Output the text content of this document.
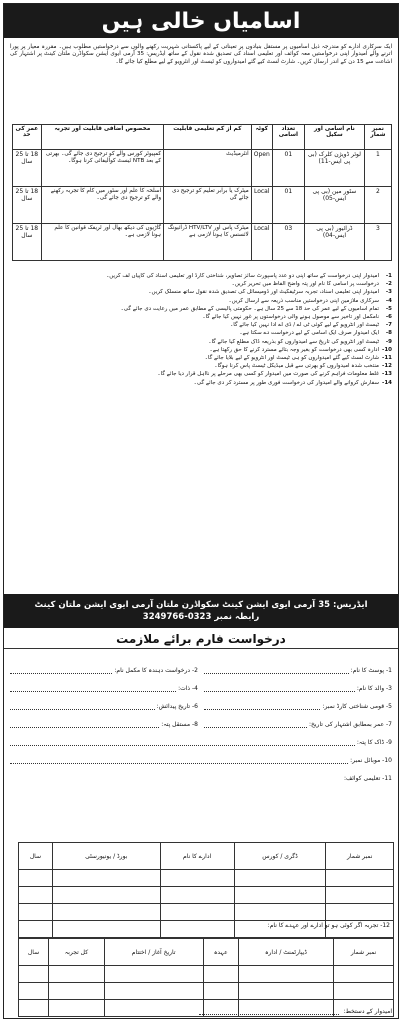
اسامیاں خالی ہیں
ایک سرکاری ادارے کو مندرجہ ذیل اسامیوں پر مستقل بنیادوں پر تعیناتی کے لیے پاکستانی شہریت رکھنے والوں سے درخواستیں مطلوب ہیں۔ مقررہ معیار پر پورا اترنے والے امیدوار اپنی درخواستیں معہ کوائف اور تعلیمی اسناد کی تصدیق شدہ نقول کے ساتھ ایڈریس: 35 آرمی ایوی ایشن سکواڈرن ملتان کینٹ پر اشتہار کی اشاعت سے 15 دن کے اندر ارسال کریں۔ شارٹ لسٹ کیے گئے امیدواروں کو ٹیسٹ اور انٹرویو کے لیے مطلع کیا جائے گا۔
نمبر شمار	نام اسامی اور سکیل	تعداد اسامی	کوٹہ	کم از کم تعلیمی قابلیت	مخصوص اضافی قابلیت اور تجربہ	عمر کی حد
1	لوئر ڈویژن کلرک (بی پی ایس-11)	01	Open	انٹرمیڈیٹ	کمپیوٹر کورس والے کو ترجیح دی جائے گی۔ بھرتی کے بعد NTB ٹیسٹ کوالیفائی کرنا ہوگا۔	18 تا 25 سال
2	سٹور مین (بی پی ایس-05)	01	Local	میٹرک یا برابر تعلیم کو ترجیح دی جائے گی	اسلحہ کا علم اور سٹور میں کام کا تجربہ رکھنے والے کو ترجیح دی جائے گی۔	18 تا 25 سال
3	ڈرائیور (بی پی ایس-04)	03	Local	میٹرک پاس اور HTV/LTV ڈرائیونگ لائسنس کا ہونا لازمی ہے	گاڑیوں کی دیکھ بھال اور ٹریفک قوانین کا علم ہونا لازمی ہے۔	18 تا 25 سال
1-
امیدوار اپنی درخواست کے ساتھ اپنی دو عدد پاسپورٹ سائز تصاویر، شناختی کارڈ اور تعلیمی اسناد کی کاپیاں لف کریں۔
2-
درخواست پر اسامی کا نام اور پتہ واضح الفاظ میں تحریر کریں۔
3-
امیدوار اپنی تعلیمی اسناد، تجربہ سرٹیفکیٹ اور ڈومیسائل کی تصدیق شدہ نقول ساتھ منسلک کریں۔
4-
سرکاری ملازمین اپنی درخواستیں مناسب ذریعہ سے ارسال کریں۔
5-
تمام اسامیوں کے لیے عمر کی حد 18 سے 25 سال ہے۔ حکومتی پالیسی کے مطابق عمر میں رعایت دی جائے گی۔
6-
نامکمل اور تاخیر سے موصول ہونے والی درخواستوں پر غور نہیں کیا جائے گا۔
7-
ٹیسٹ اور انٹرویو کے لیے کوئی ٹی اے / ڈی اے ادا نہیں کیا جائے گا۔
8-
ایک امیدوار صرف ایک اسامی کے لیے درخواست دے سکتا ہے۔
9-
ٹیسٹ اور انٹرویو کی تاریخ سے امیدواروں کو بذریعہ ڈاک مطلع کیا جائے گا۔
10-
ادارہ کسی بھی درخواست کو بغیر وجہ بتائے مسترد کرنے کا حق رکھتا ہے۔
11-
شارٹ لسٹ کیے گئے امیدواروں کو ہی ٹیسٹ اور انٹرویو کے لیے بلایا جائے گا۔
12-
منتخب شدہ امیدواروں کو بھرتی سے قبل میڈیکل ٹیسٹ پاس کرنا ہوگا۔
13-
غلط معلومات فراہم کرنے کی صورت میں امیدوار کو کسی بھی مرحلے پر نااہل قرار دیا جائے گا۔
14-
سفارش کروانے والے امیدوار کی درخواست فوری طور پر مسترد کر دی جائے گی۔
ایڈریس: 35 آرمی ایوی ایشن کینٹ سکواڈرن ملتان آرمی ایوی ایشن ملتان کینٹ
رابطہ نمبر 0323-3249766
درخواست فارم برائے ملازمت
1- پوسٹ کا نام:
2- درخواست دہندہ کا مکمل نام:
3- والد کا نام:
4- ذات:
5- قومی شناختی کارڈ نمبر:
6- تاریخ پیدائش:
7- عمر بمطابق اشتہار کی تاریخ:
8- مستقل پتہ:
9- ڈاک کا پتہ:
10- موبائل نمبر:
11- تعلیمی کوائف:
نمبر شمار	ڈگری / کورس	ادارے کا نام	بورڈ / یونیورسٹی	سال

12- تجربہ اگر کوئی ہو تو ادارے اور عہدے کا نام:
نمبر شمار	ڈیپارٹمنٹ / ادارہ	عہدہ	تاریخ آغاز / اختتام	کل تجربہ	سال

امیدوار کے دستخط:
